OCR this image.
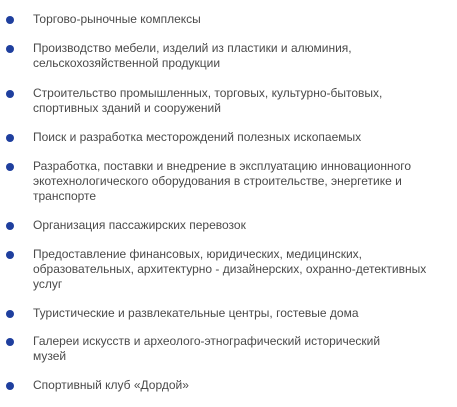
Торгово-рыночные комплексы
Производство мебели, изделий из пластики и алюминия,
сельскохозяйственной продукции
Строительство промышленных, торговых, культурно-бытовых,
спортивных зданий и сооружений
Поиск и разработка месторождений полезных ископаемых
Разработка, поставки и внедрение в эксплуатацию инновационного
экотехнологического оборудования в строительстве, энергетике и
транспорте
Организация пассажирских перевозок
Предоставление финансовых, юридических, медицинских,
образовательных, архитектурно - дизайнерских, охранно-детективных
услуг
Туристические и развлекательные центры, гостевые дома
Галереи искусств и археолого-этнографический исторический
музей
Спортивный клуб «Дордой»
